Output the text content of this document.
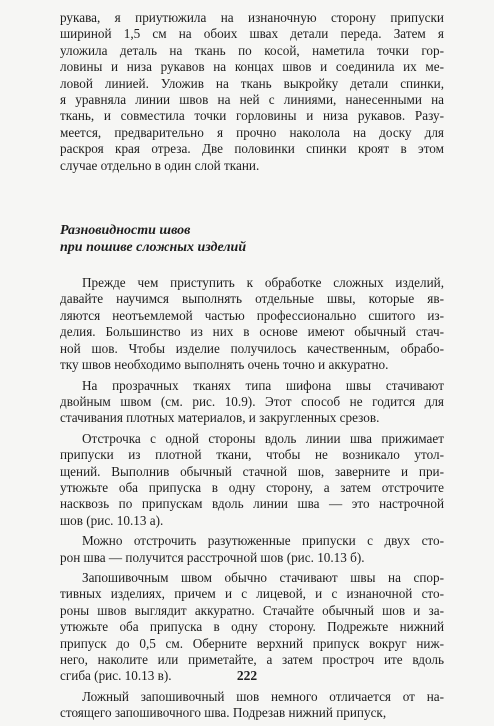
рукава, я приутюжила на изнаночную сторону припуски
шириной 1,5 см на обоих швах детали переда. Затем я
уложила деталь на ткань по косой, наметила точки гор-
ловины и низа рукавов на концах швов и соединила их ме-
ловой линией. Уложив на ткань выкройку детали спинки,
я уравняла линии швов на ней с линиями, нанесенными на
ткань, и совместила точки горловины и низа рукавов. Разу-
меется, предварительно я прочно наколола на доску для
раскроя края отреза. Две половинки спинки кроят в этом
случае отдельно в один слой ткани.
Разновидности швов
при пошиве сложных изделий
Прежде чем приступить к обработке сложных изделий,
давайте научимся выполнять отдельные швы, которые яв-
ляются неотъемлемой частью профессионально сшитого из-
делия. Большинство из них в основе имеют обычный стач-
ной шов. Чтобы изделие получилось качественным, обрабо-
тку швов необходимо выполнять очень точно и аккуратно.
На прозрачных тканях типа шифона швы стачивают
двойным швом (см. рис. 10.9). Этот способ не годится для
стачивания плотных материалов, и закругленных срезов.
Отстрочка с одной стороны вдоль линии шва прижимает
припуски из плотной ткани, чтобы не возникало утол-
щений. Выполнив обычный стачной шов, заверните и при-
утюжьте оба припуска в одну сторону, а затем отстрочите
насквозь по припускам вдоль линии шва — это настрочной
шов (рис. 10.13 а).
Можно отстрочить разутюженные припуски с двух сто-
рон шва — получится расстрочной шов (рис. 10.13 б).
Запошивочным швом обычно стачивают швы на спор-
тивных изделиях, причем и с лицевой, и с изнаночной сто-
роны швов выглядит аккуратно. Стачайте обычный шов и за-
утюжьте оба припуска в одну сторону. Подрежьте нижний
припуск до 0,5 см. Оберните верхний припуск вокруг ниж-
него, наколите или приметайте, а затем простроч ите вдоль
сгиба (рис. 10.13 в).
Ложный запошивочный шов немного отличается от на-
стоящего запошивочного шва. Подрезав нижний припуск,
222
